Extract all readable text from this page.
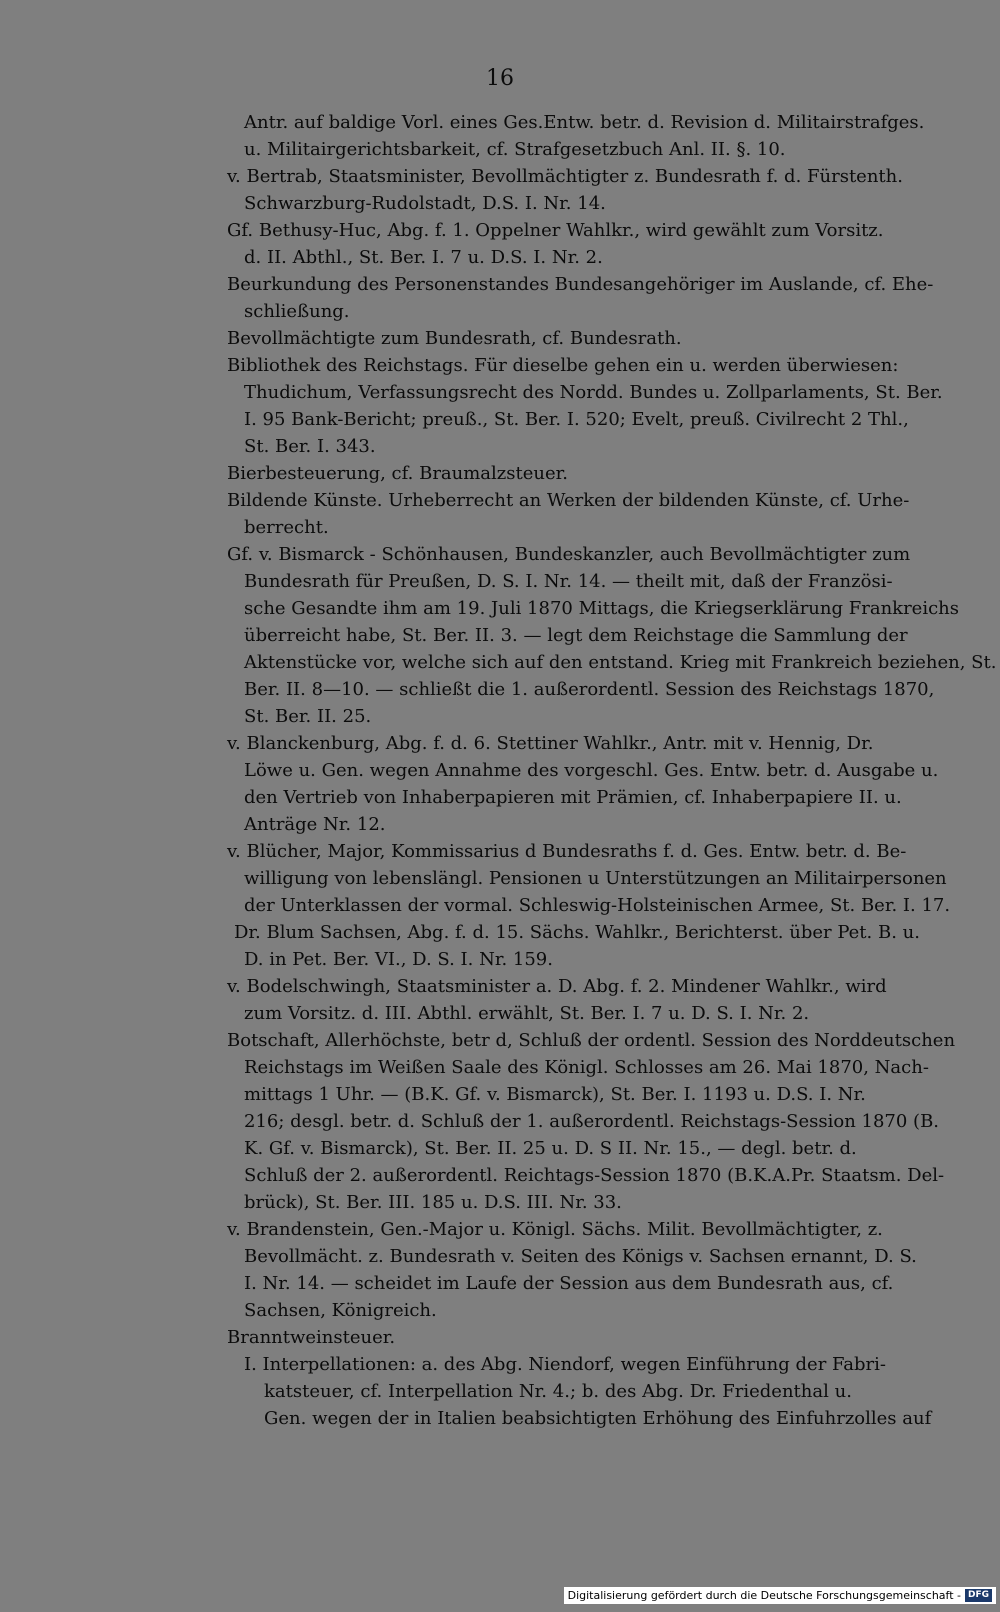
16
Antr. auf baldige Vorl. eines Ges.Entw. betr. d. Revision d. Militairstrafges.
u. Militairgerichtsbarkeit, cf. Strafgesetzbuch Anl. II. §. 10.
v. Bertrab, Staatsminister, Bevollmächtigter z. Bundesrath f. d. Fürstenth.
Schwarzburg-Rudolstadt, D.S. I. Nr. 14.
Gf. Bethusy-Huc, Abg. f. 1. Oppelner Wahlkr., wird gewählt zum Vorsitz.
d. II. Abthl., St. Ber. I. 7 u. D.S. I. Nr. 2.
Beurkundung des Personenstandes Bundesangehöriger im Auslande, cf. Ehe-
schließung.
Bevollmächtigte zum Bundesrath, cf. Bundesrath.
Bibliothek des Reichstags. Für dieselbe gehen ein u. werden überwiesen:
Thudichum, Verfassungsrecht des Nordd. Bundes u. Zollparlaments, St. Ber.
I. 95 Bank-Bericht; preuß., St. Ber. I. 520; Evelt, preuß. Civilrecht 2 Thl.,
St. Ber. I. 343.
Bierbesteuerung, cf. Braumalzsteuer.
Bildende Künste. Urheberrecht an Werken der bildenden Künste, cf. Urhe-
berrecht.
Gf. v. Bismarck - Schönhausen, Bundeskanzler, auch Bevollmächtigter zum
Bundesrath für Preußen, D. S. I. Nr. 14. — theilt mit, daß der Französi-
sche Gesandte ihm am 19. Juli 1870 Mittags, die Kriegserklärung Frankreichs
überreicht habe, St. Ber. II. 3. — legt dem Reichstage die Sammlung der
Aktenstücke vor, welche sich auf den entstand. Krieg mit Frankreich beziehen, St.
Ber. II. 8—10. — schließt die 1. außerordentl. Session des Reichstags 1870,
St. Ber. II. 25.
v. Blanckenburg, Abg. f. d. 6. Stettiner Wahlkr., Antr. mit v. Hennig, Dr.
Löwe u. Gen. wegen Annahme des vorgeschl. Ges. Entw. betr. d. Ausgabe u.
den Vertrieb von Inhaberpapieren mit Prämien, cf. Inhaberpapiere II. u.
Anträge Nr. 12.
v. Blücher, Major, Kommissarius d Bundesraths f. d. Ges. Entw. betr. d. Be-
willigung von lebenslängl. Pensionen u Unterstützungen an Militairpersonen
der Unterklassen der vormal. Schleswig-Holsteinischen Armee, St. Ber. I. 17.
Dr. Blum Sachsen, Abg. f. d. 15. Sächs. Wahlkr., Berichterst. über Pet. B. u.
D. in Pet. Ber. VI., D. S. I. Nr. 159.
v. Bodelschwingh, Staatsminister a. D. Abg. f. 2. Mindener Wahlkr., wird
zum Vorsitz. d. III. Abthl. erwählt, St. Ber. I. 7 u. D. S. I. Nr. 2.
Botschaft, Allerhöchste, betr d, Schluß der ordentl. Session des Norddeutschen
Reichstags im Weißen Saale des Königl. Schlosses am 26. Mai 1870, Nach-
mittags 1 Uhr. — (B.K. Gf. v. Bismarck), St. Ber. I. 1193 u. D.S. I. Nr.
216; desgl. betr. d. Schluß der 1. außerordentl. Reichstags-Session 1870 (B.
K. Gf. v. Bismarck), St. Ber. II. 25 u. D. S II. Nr. 15., — degl. betr. d.
Schluß der 2. außerordentl. Reichtags-Session 1870 (B.K.A.Pr. Staatsm. Del-
brück), St. Ber. III. 185 u. D.S. III. Nr. 33.
v. Brandenstein, Gen.-Major u. Königl. Sächs. Milit. Bevollmächtigter, z.
Bevollmächt. z. Bundesrath v. Seiten des Königs v. Sachsen ernannt, D. S.
I. Nr. 14. — scheidet im Laufe der Session aus dem Bundesrath aus, cf.
Sachsen, Königreich.
Branntweinsteuer.
I. Interpellationen: a. des Abg. Niendorf, wegen Einführung der Fabri-
katsteuer, cf. Interpellation Nr. 4.; b. des Abg. Dr. Friedenthal u.
Gen. wegen der in Italien beabsichtigten Erhöhung des Einfuhrzolles auf
Digitalisierung gefördert durch die Deutsche Forschungsgemeinschaft - DFG
